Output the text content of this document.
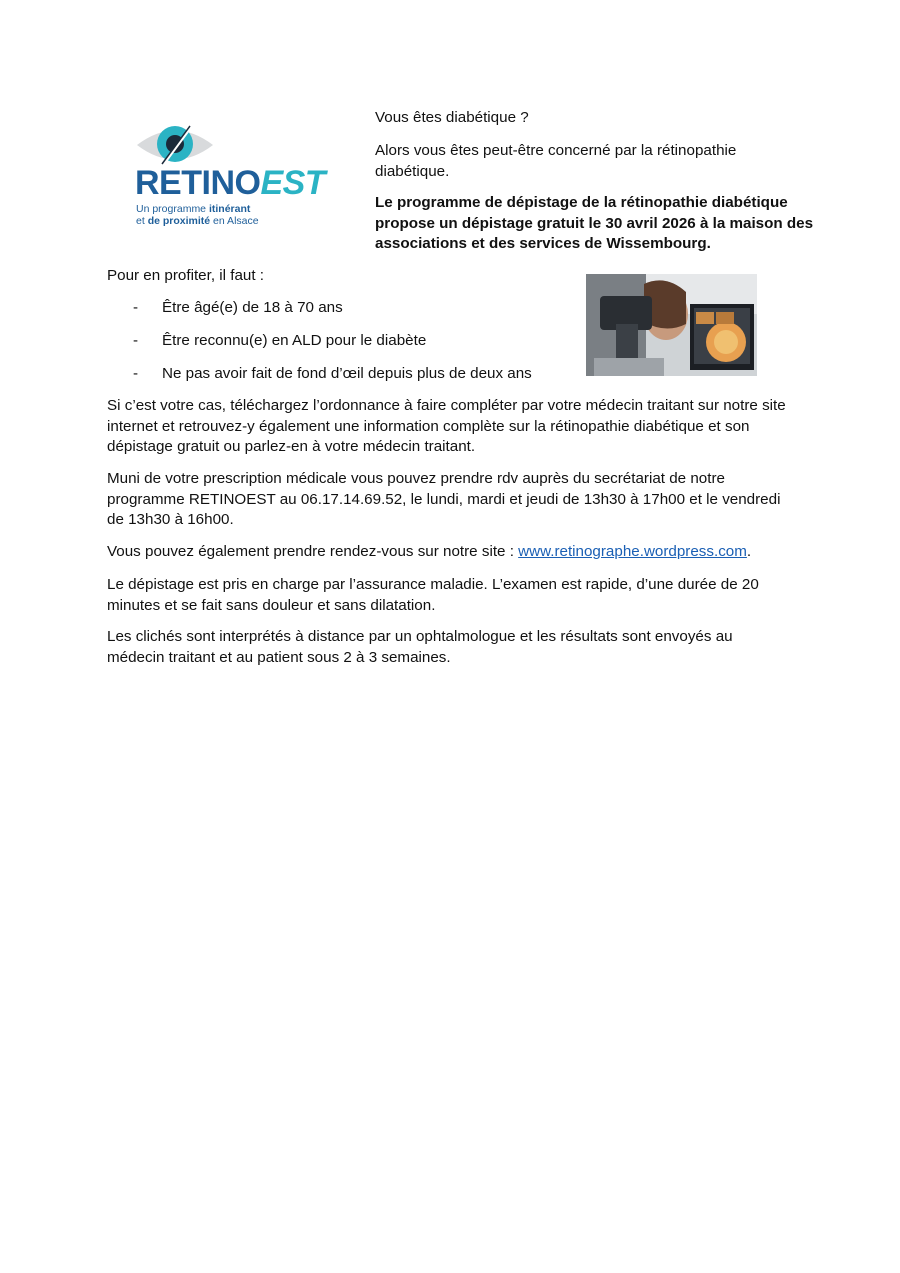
RETINOEST
Un programme itinérant
et de proximité en Alsace

Vous êtes diabétique ?

Alors vous êtes peut-être concerné par la rétinopathie diabétique.

Le programme de dépistage de la rétinopathie diabétique propose un dépistage gratuit le 30 avril 2026 à la maison des associations et des services de Wissembourg.

Pour en profiter, il faut :

- Être âgé(e) de 18 à 70 ans
- Être reconnu(e) en ALD pour le diabète
- Ne pas avoir fait de fond d’œil depuis plus de deux ans

Si c’est votre cas, téléchargez l’ordonnance à faire compléter par votre médecin traitant sur notre site internet et retrouvez-y également une information complète sur la rétinopathie diabétique et son dépistage gratuit ou parlez-en à votre médecin traitant.

Muni de votre prescription médicale vous pouvez prendre rdv auprès du secrétariat de notre programme RETINOEST au 06.17.14.69.52, le lundi, mardi et jeudi de 13h30 à 17h00 et le vendredi de 13h30 à 16h00.

Vous pouvez également prendre rendez-vous sur notre site : www.retinographe.wordpress.com.

Le dépistage est pris en charge par l’assurance maladie. L’examen est rapide, d’une durée de 20 minutes et se fait sans douleur et sans dilatation.

Les clichés sont interprétés à distance par un ophtalmologue et les résultats sont envoyés au médecin traitant et au patient sous 2 à 3 semaines.
